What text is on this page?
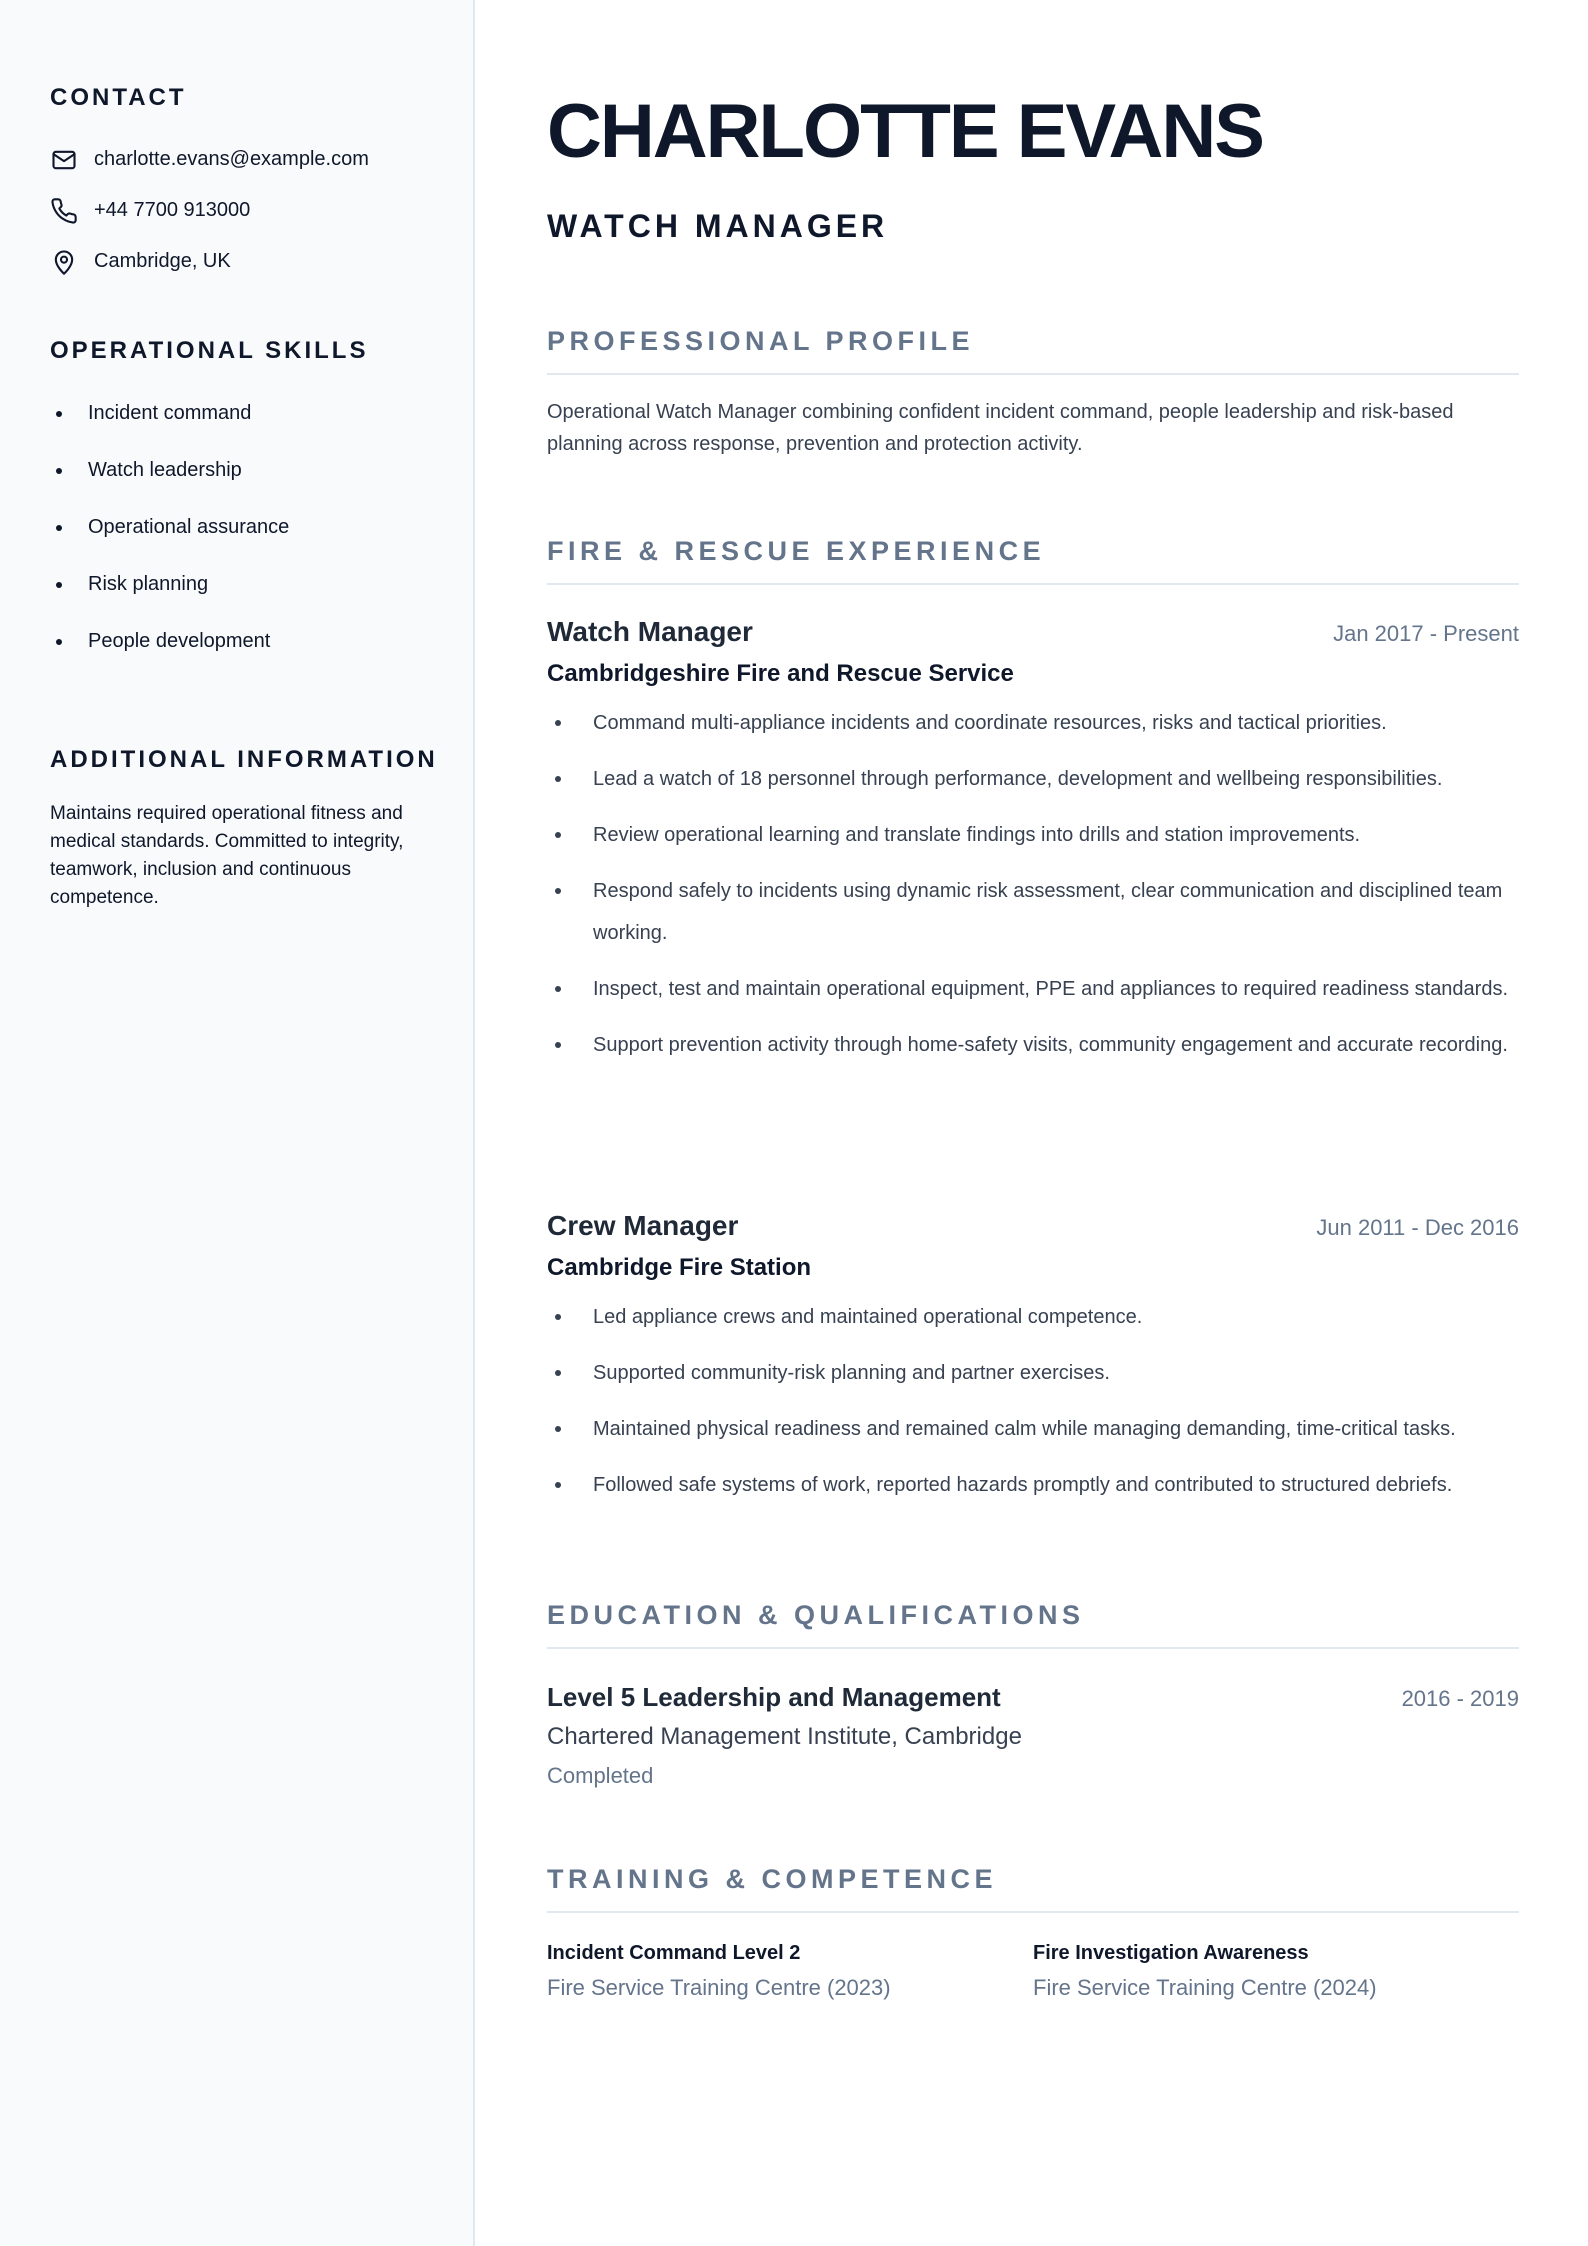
CONTACT
charlotte.evans@example.com
+44 7700 913000
Cambridge, UK
OPERATIONAL SKILLS
Incident command
Watch leadership
Operational assurance
Risk planning
People development
ADDITIONAL INFORMATION

Maintains required operational fitness and medical standards. Committed to integrity, teamwork, inclusion and continuous competence.

CHARLOTTE EVANS
WATCH MANAGER
PROFESSIONAL PROFILE

Operational Watch Manager combining confident incident command, people leadership and risk-based planning across response, prevention and protection activity.

FIRE & RESCUE EXPERIENCE
Watch Manager	Jan 2017 - Present
Cambridgeshire Fire and Rescue Service
Command multi-appliance incidents and coordinate resources, risks and tactical priorities.
Lead a watch of 18 personnel through performance, development and wellbeing responsibilities.
Review operational learning and translate findings into drills and station improvements.
Respond safely to incidents using dynamic risk assessment, clear communication and disciplined team working.
Inspect, test and maintain operational equipment, PPE and appliances to required readiness standards.
Support prevention activity through home-safety visits, community engagement and accurate recording.
Crew Manager	Jun 2011 - Dec 2016
Cambridge Fire Station
Led appliance crews and maintained operational competence.
Supported community-risk planning and partner exercises.
Maintained physical readiness and remained calm while managing demanding, time-critical tasks.
Followed safe systems of work, reported hazards promptly and contributed to structured debriefs.
EDUCATION & QUALIFICATIONS
Level 5 Leadership and Management	2016 - 2019
Chartered Management Institute, Cambridge
Completed
TRAINING & COMPETENCE
Incident Command Level 2
Fire Service Training Centre (2023)
Fire Investigation Awareness
Fire Service Training Centre (2024)
